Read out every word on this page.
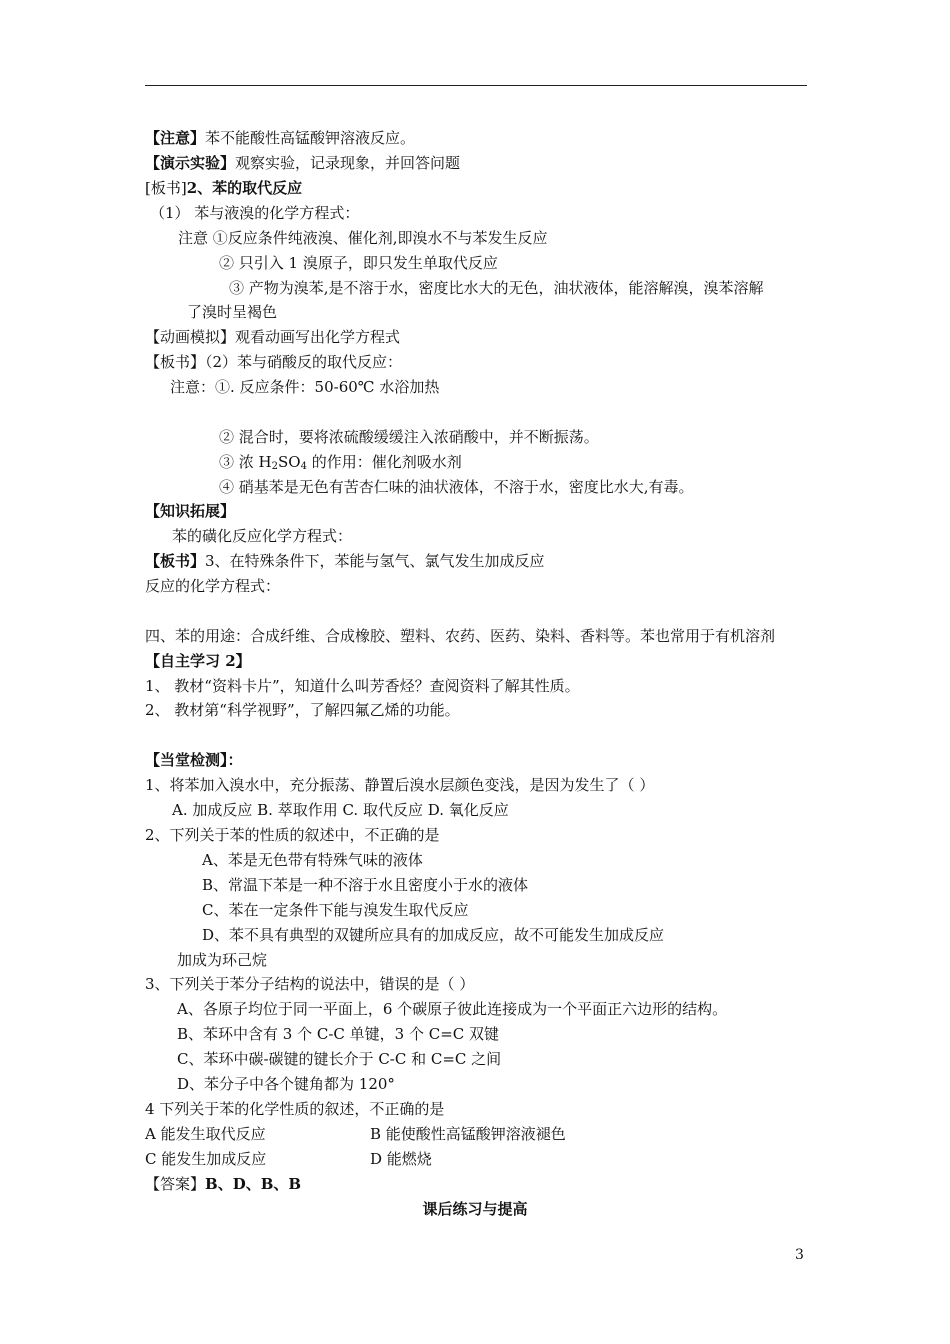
【注意】苯不能酸性高锰酸钾溶液反应。
【演示实验】观察实验，记录现象，并回答问题
[板书]2、苯的取代反应
（1） 苯与液溴的化学方程式：
注意 ①反应条件纯液溴、催化剂,即溴水不与苯发生反应
② 只引入 1 溴原子，即只发生单取代反应
③ 产物为溴苯,是不溶于水，密度比水大的无色，油状液体，能溶解溴，溴苯溶解
了溴时呈褐色
【动画模拟】观看动画写出化学方程式
【板书】（2）苯与硝酸反的取代反应：
注意：①. 反应条件：50-60℃ 水浴加热
② 混合时，要将浓硫酸缓缓注入浓硝酸中，并不断振荡。
③ 浓 $H_2SO_4$ 的作用：催化剂吸水剂
④ 硝基苯是无色有苦杏仁味的油状液体，不溶于水，密度比水大,有毒。
【知识拓展】
苯的磺化反应化学方程式：
【板书】3、在特殊条件下，苯能与氢气、氯气发生加成反应
反应的化学方程式：
四、苯的用途：合成纤维、合成橡胶、塑料、农药、医药、染料、香料等。苯也常用于有机溶剂
【自主学习 2】
1、 教材“资料卡片”，知道什么叫芳香烃？查阅资料了解其性质。
2、 教材第“科学视野”，了解四氟乙烯的功能。
【当堂检测】：
1、将苯加入溴水中，充分振荡、静置后溴水层颜色变浅，是因为发生了（ ）
A. 加成反应 B. 萃取作用 C. 取代反应 D. 氧化反应
2、下列关于苯的性质的叙述中，不正确的是
A、苯是无色带有特殊气味的液体
B、常温下苯是一种不溶于水且密度小于水的液体
C、苯在一定条件下能与溴发生取代反应
D、苯不具有典型的双键所应具有的加成反应，故不可能发生加成反应
加成为环己烷
3、下列关于苯分子结构的说法中，错误的是（ ）
A、各原子均位于同一平面上，6 个碳原子彼此连接成为一个平面正六边形的结构。
B、苯环中含有 3 个 C-C 单键，3 个 C=C 双键
C、苯环中碳-碳键的键长介于 C-C 和 C=C 之间
D、苯分子中各个键角都为 120°
4 下列关于苯的化学性质的叙述，不正确的是
A 能发生取代反应	B 能使酸性高锰酸钾溶液褪色
C 能发生加成反应	D 能燃烧
【答案】B、D、B、B
课后练习与提高
3
